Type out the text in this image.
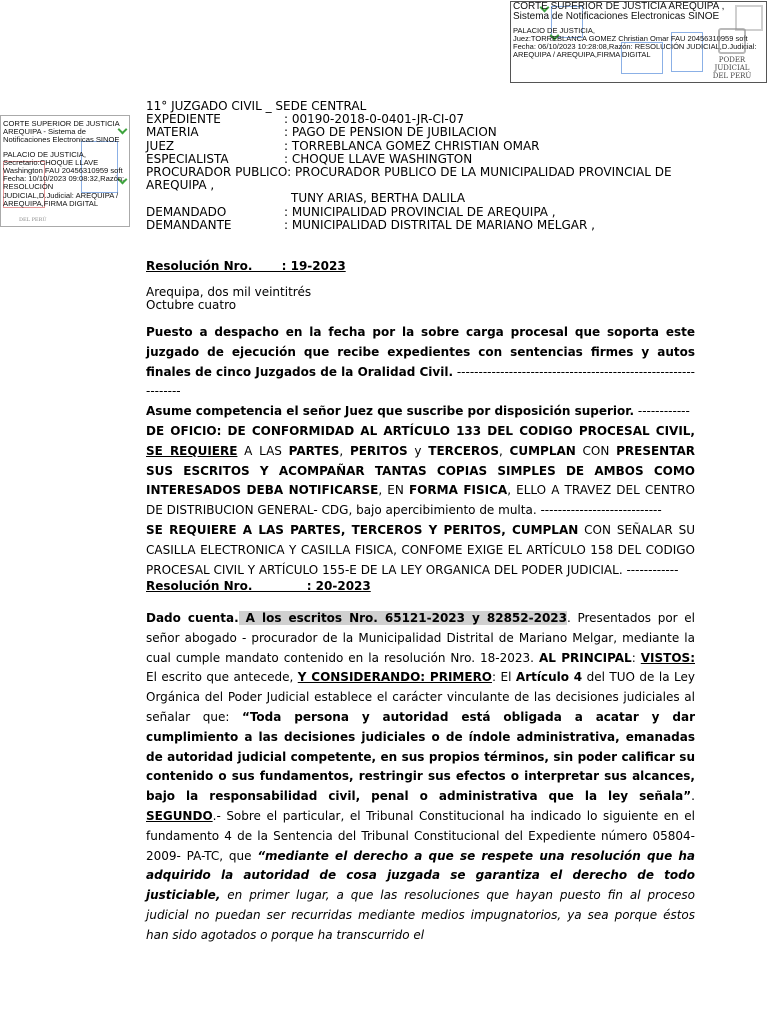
CORTE SUPERIOR DE JUSTICIA AREQUIPA ,
Sistema de Notificaciones Electronicas SINOE
PALACIO DE JUSTICIA,
Juez:TORREBLANCA GOMEZ Christian Omar FAU 20456310959 soft
Fecha: 06/10/2023 10:28:08,Razón: RESOLUCIÓN JUDICIAL,D.Judicial:
AREQUIPA / AREQUIPA,FIRMA DIGITAL
PODER JUDICIAL
DEL PERÚ
CORTE SUPERIOR DE JUSTICIA
AREQUIPA - Sistema de
Notificaciones Electronicas SINOE
PALACIO DE JUSTICIA,
Secretario:CHOQUE LLAVE
Washington FAU 20456310959 soft
Fecha: 10/10/2023 09:08:32,Razón:
RESOLUCIÓN
JUDICIAL,D.Judicial: AREQUIPA /
AREQUIPA,FIRMA DIGITAL
DEL PERÚ
11° JUZGADO CIVIL _ SEDE CENTRAL
EXPEDIENTE	: 00190-2018-0-0401-JR-CI-07
MATERIA	: PAGO DE PENSION DE JUBILACION
JUEZ	: TORREBLANCA GOMEZ CHRISTIAN OMAR
ESPECIALISTA	: CHOQUE LLAVE WASHINGTON
PROCURADOR PUBLICO: PROCURADOR PUBLICO DE LA MUNICIPALIDAD PROVINCIAL DE
AREQUIPA ,
TUNY ARIAS, BERTHA DALILA
DEMANDADO	: MUNICIPALIDAD PROVINCIAL DE AREQUIPA ,
DEMANDANTE	: MUNICIPALIDAD DISTRITAL DE MARIANO MELGAR ,
Resolución Nro.       : 19-2023
Arequipa, dos mil veintitrés
Octubre cuatro

Puesto a despacho en la fecha por la sobre carga procesal que soporta este juzgado de ejecución que recibe expedientes con sentencias firmes y autos finales de cinco Juzgados de la Oralidad Civil. ---------------------------------------------------------------

Asume competencia el señor Juez que suscribe por disposición superior. ------------

DE OFICIO: DE CONFORMIDAD AL ARTÍCULO 133 DEL CODIGO PROCESAL CIVIL, SE REQUIERE A LAS PARTES, PERITOS y TERCEROS, CUMPLAN CON PRESENTAR SUS ESCRITOS Y ACOMPAÑAR TANTAS COPIAS SIMPLES DE AMBOS COMO INTERESADOS DEBA NOTIFICARSE, EN FORMA FISICA, ELLO A TRAVEZ DEL CENTRO DE DISTRIBUCION GENERAL- CDG, bajo apercibimiento de multa. ----------------------------

SE REQUIERE A LAS PARTES, TERCEROS Y PERITOS, CUMPLAN CON SEÑALAR SU CASILLA ELECTRONICA Y CASILLA FISICA, CONFOME EXIGE EL ARTÍCULO 158 DEL CODIGO PROCESAL CIVIL Y ARTÍCULO 155-E DE LA LEY ORGANICA DEL PODER JUDICIAL. ------------

Resolución Nro.             : 20-2023

Dado cuenta. A los escritos Nro. 65121-2023 y 82852-2023. Presentados por el señor abogado - procurador de la Municipalidad Distrital de Mariano Melgar, mediante la cual cumple mandato contenido en la resolución Nro. 18-2023. AL PRINCIPAL: VISTOS: El escrito que antecede, Y CONSIDERANDO: PRIMERO: El Artículo 4 del TUO de la Ley Orgánica del Poder Judicial establece el carácter vinculante de las decisiones judiciales al señalar que: “Toda persona y autoridad está obligada a acatar y dar cumplimiento a las decisiones judiciales o de índole administrativa, emanadas de autoridad judicial competente, en sus propios términos, sin poder calificar su contenido o sus fundamentos, restringir sus efectos o interpretar sus alcances, bajo la responsabilidad civil, penal o administrativa que la ley señala”. SEGUNDO.- Sobre el particular, el Tribunal Constitucional ha indicado lo siguiente en el fundamento 4 de la Sentencia del Tribunal Constitucional del Expediente número 05804-2009- PA-TC, que “mediante el derecho a que se respete una resolución que ha adquirido la autoridad de cosa juzgada se garantiza el derecho de todo justiciable, en primer lugar, a que las resoluciones que hayan puesto fin al proceso judicial no puedan ser recurridas mediante medios impugnatorios, ya sea porque éstos han sido agotados o porque ha transcurrido el
